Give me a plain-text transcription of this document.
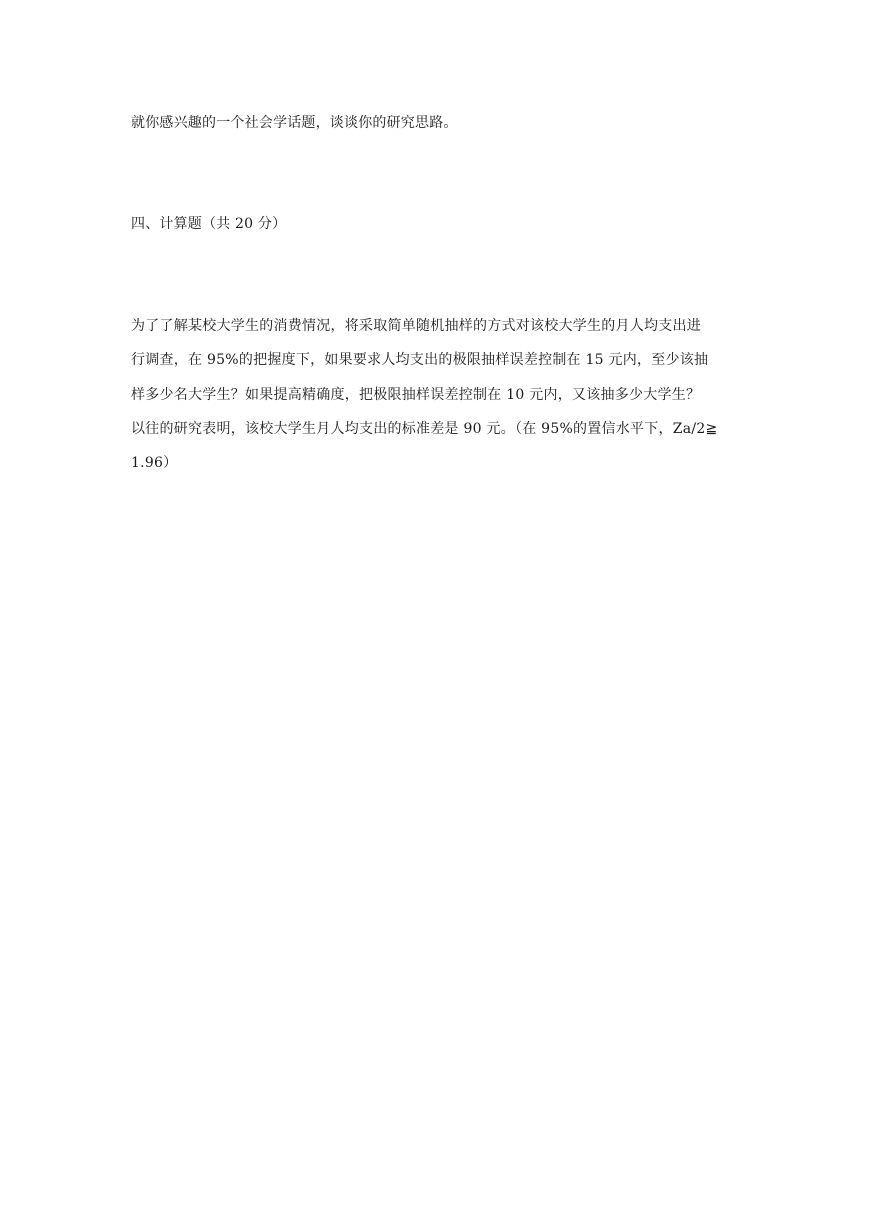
就你感兴趣的一个社会学话题，谈谈你的研究思路。
四、计算题（共 20 分）
为了了解某校大学生的消费情况，将采取简单随机抽样的方式对该校大学生的月人均支出进
行调查，在 95%的把握度下，如果要求人均支出的极限抽样误差控制在 15 元内，至少该抽
样多少名大学生？如果提高精确度，把极限抽样误差控制在 10 元内，又该抽多少大学生？
以往的研究表明，该校大学生月人均支出的标准差是 90 元。（在 95%的置信水平下，Za/2≧
1.96）
